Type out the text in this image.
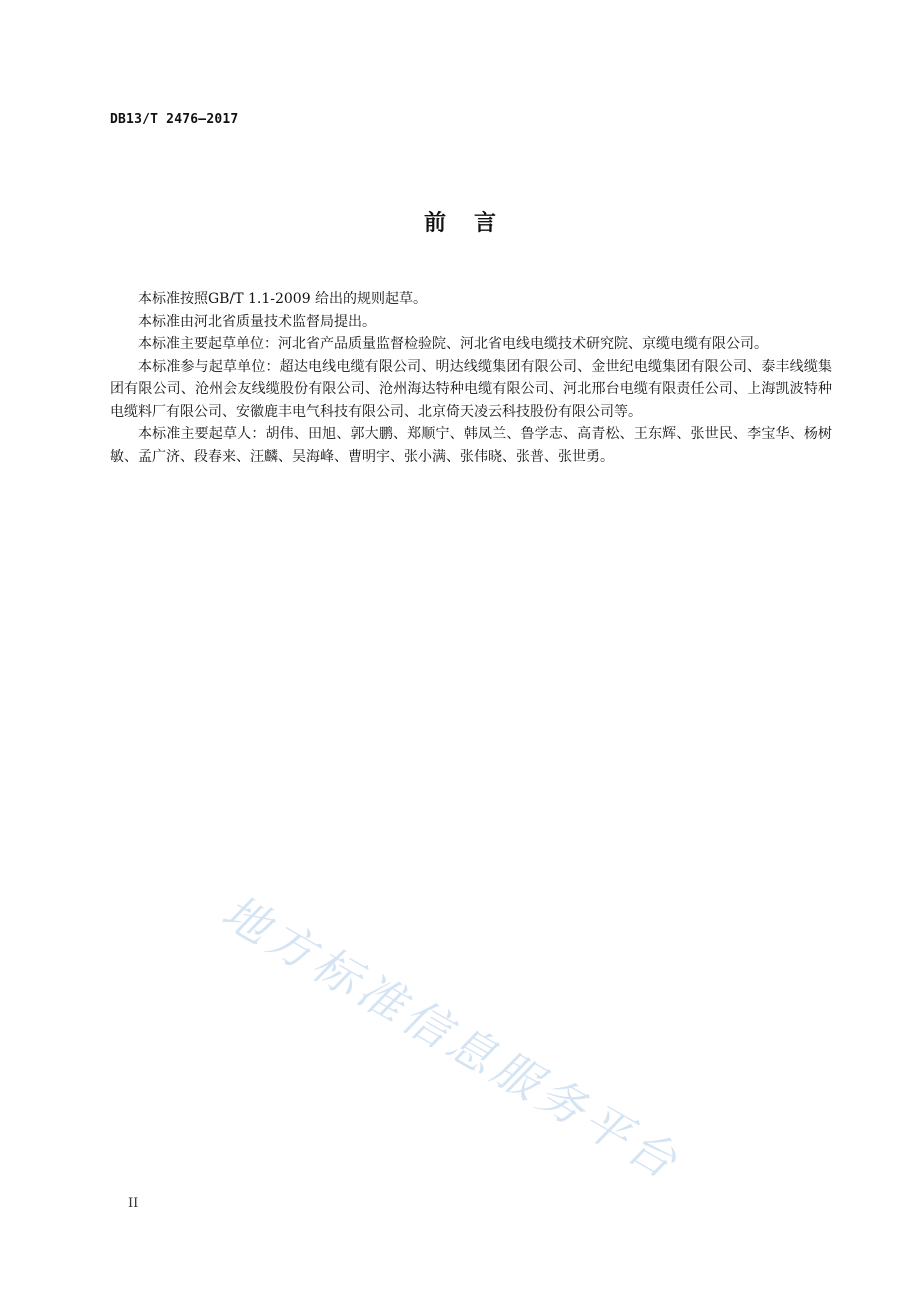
DB13/T 2476—2017
前言

本标准按照GB/T 1.1-2009 给出的规则起草。

本标准由河北省质量技术监督局提出。

本标准主要起草单位：河北省产品质量监督检验院、河北省电线电缆技术研究院、京缆电缆有限公司。

本标准参与起草单位：超达电线电缆有限公司、明达线缆集团有限公司、金世纪电缆集团有限公司、泰丰线缆集团有限公司、沧州会友线缆股份有限公司、沧州海达特种电缆有限公司、河北邢台电缆有限责任公司、上海凯波特种电缆料厂有限公司、安徽鹿丰电气科技有限公司、北京倚天凌云科技股份有限公司等。

本标准主要起草人：胡伟、田旭、郭大鹏、郑顺宁、韩凤兰、鲁学志、高青松、王东辉、张世民、李宝华、杨树敏、孟广济、段春来、汪麟、吴海峰、曹明宇、张小满、张伟晓、张普、张世勇。

地方标准信息服务平台
II
